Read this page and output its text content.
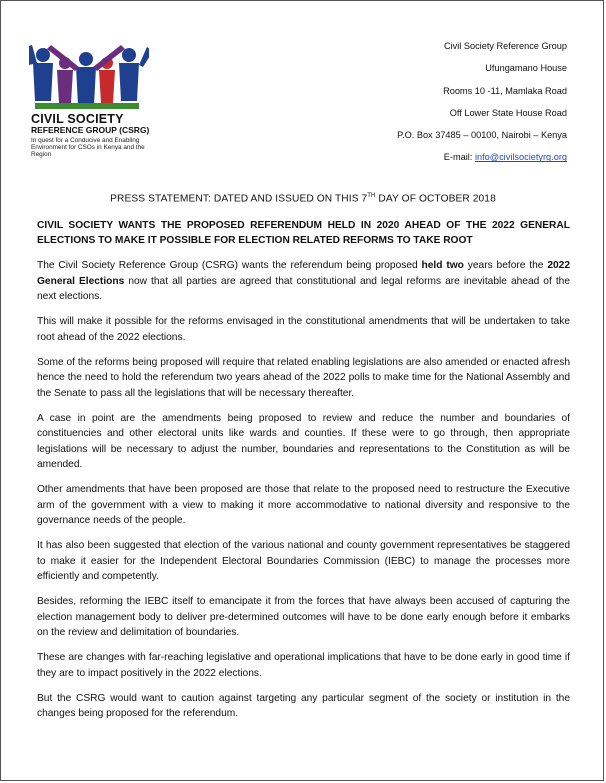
CIVIL SOCIETY
REFERENCE GROUP (CSRG)
In quest for a Conducive and Enabling Environment for CSOs in Kenya and the Region
Civil Society Reference Group
Ufungamano House
Rooms 10 -11, Mamlaka Road
Off Lower State House Road
P.O. Box 37485 – 00100, Nairobi – Kenya
E-mail: info@civilsocietyrg.org
PRESS STATEMENT: DATED AND ISSUED ON THIS 7TH DAY OF OCTOBER 2018
CIVIL SOCIETY WANTS THE PROPOSED REFERENDUM HELD IN 2020 AHEAD OF THE 2022 GENERAL ELECTIONS TO MAKE IT POSSIBLE FOR ELECTION RELATED REFORMS TO TAKE ROOT

The Civil Society Reference Group (CSRG) wants the referendum being proposed held two years before the 2022 General Elections now that all parties are agreed that constitutional and legal reforms are inevitable ahead of the next elections.

This will make it possible for the reforms envisaged in the constitutional amendments that will be undertaken to take root ahead of the 2022 elections.

Some of the reforms being proposed will require that related enabling legislations are also amended or enacted afresh hence the need to hold the referendum two years ahead of the 2022 polls to make time for the National Assembly and the Senate to pass all the legislations that will be necessary thereafter.

A case in point are the amendments being proposed to review and reduce the number and boundaries of constituencies and other electoral units like wards and counties. If these were to go through, then appropriate legislations will be necessary to adjust the number, boundaries and representations to the Constitution as will be amended.

Other amendments that have been proposed are those that relate to the proposed need to restructure the Executive arm of the government with a view to making it more accommodative to national diversity and responsive to the governance needs of the people.

It has also been suggested that election of the various national and county government representatives be staggered to make it easier for the Independent Electoral Boundaries Commission (IEBC) to manage the processes more efficiently and competently.

Besides, reforming the IEBC itself to emancipate it from the forces that have always been accused of capturing the election management body to deliver pre-determined outcomes will have to be done early enough before it embarks on the review and delimitation of boundaries.

These are changes with far-reaching legislative and operational implications that have to be done early in good time if they are to impact positively in the 2022 elections.

But the CSRG would want to caution against targeting any particular segment of the society or institution in the changes being proposed for the referendum.
